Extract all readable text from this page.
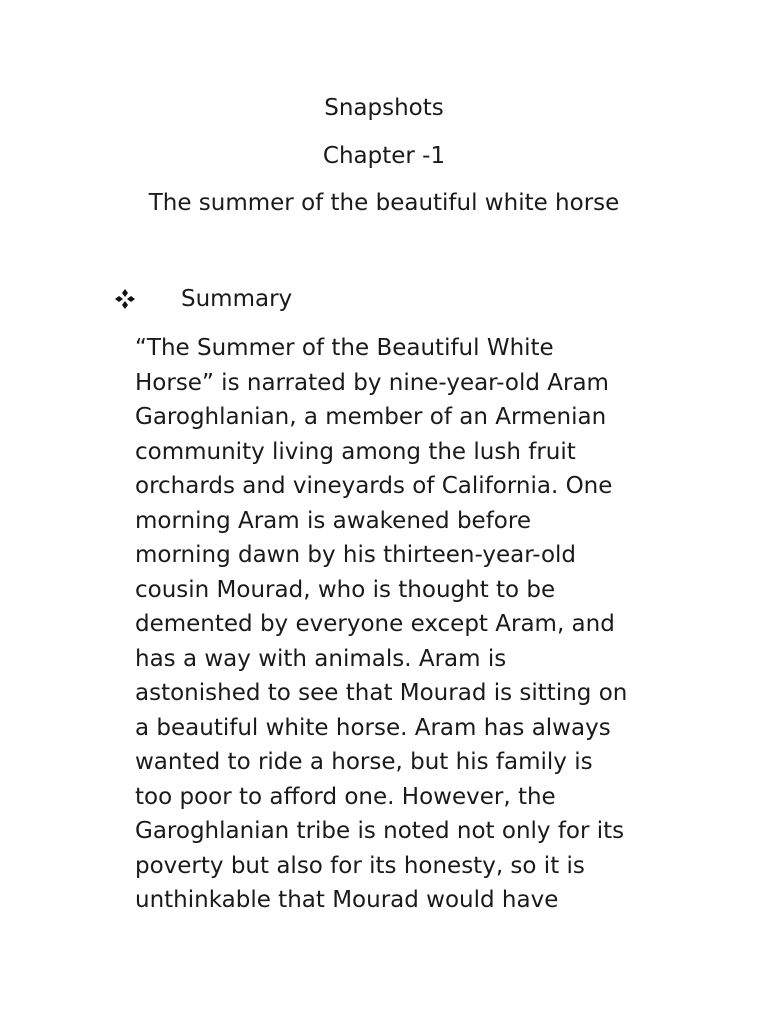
Snapshots
Chapter -1
The summer of the beautiful white horse
Summary

“The Summer of the Beautiful White
Horse” is narrated by nine-year-old Aram
Garoghlanian, a member of an Armenian
community living among the lush fruit
orchards and vineyards of California. One
morning Aram is awakened before
morning dawn by his thirteen-year-old
cousin Mourad, who is thought to be
demented by everyone except Aram, and
has a way with animals. Aram is
astonished to see that Mourad is sitting on
a beautiful white horse. Aram has always
wanted to ride a horse, but his family is
too poor to afford one. However, the
Garoghlanian tribe is noted not only for its
poverty but also for its honesty, so it is
unthinkable that Mourad would have
